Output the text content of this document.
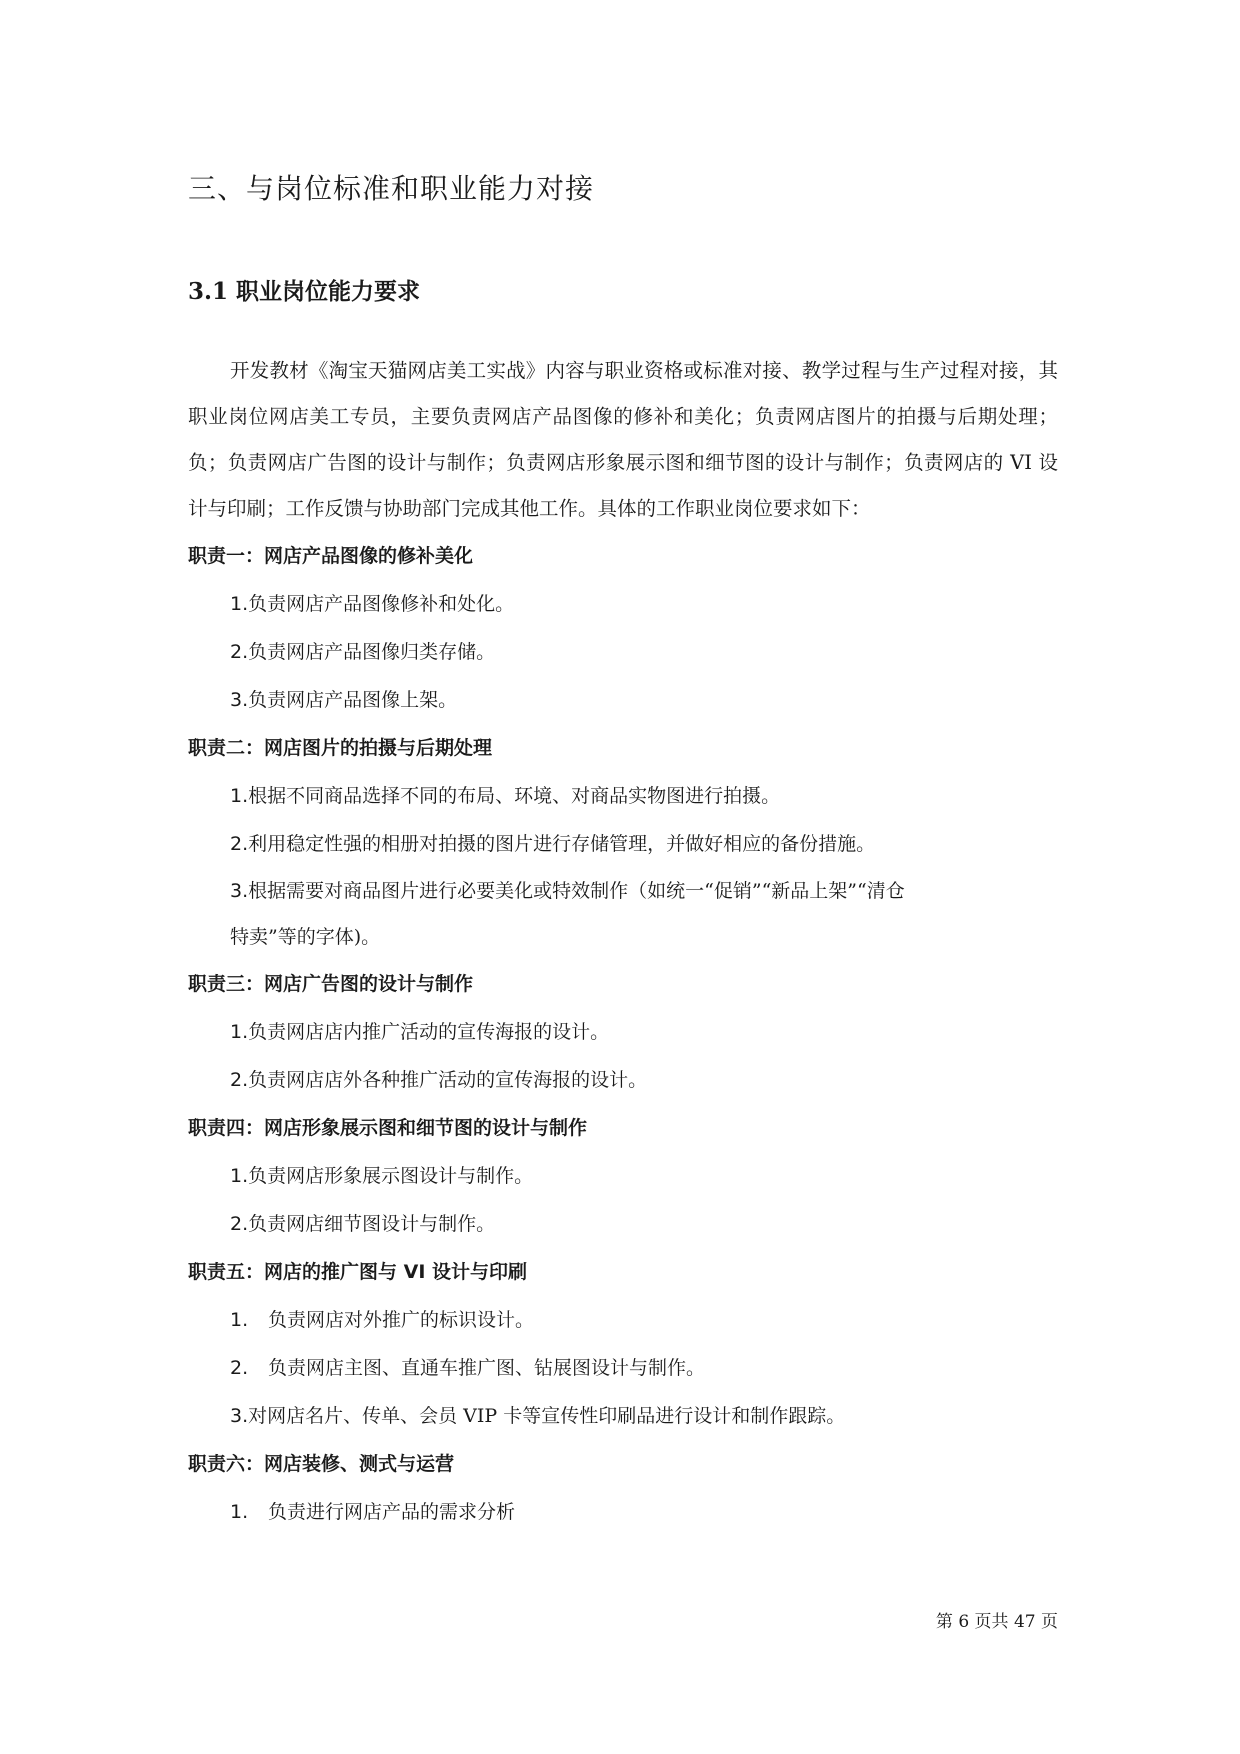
三、与岗位标准和职业能力对接
3.1 职业岗位能力要求

开发教材《淘宝天猫网店美工实战》内容与职业资格或标准对接、教学过程与生产过程对接，其职业岗位网店美工专员，主要负责网店产品图像的修补和美化；负责网店图片的拍摄与后期处理；负；负责网店广告图的设计与制作；负责网店形象展示图和细节图的设计与制作；负责网店的 VI 设计与印刷；工作反馈与协助部门完成其他工作。具体的工作职业岗位要求如下：

职责一：网店产品图像的修补美化

1.负责网店产品图像修补和处化。

2.负责网店产品图像归类存储。

3.负责网店产品图像上架。

职责二：网店图片的拍摄与后期处理

1.根据不同商品选择不同的布局、环境、对商品实物图进行拍摄。

2.利用稳定性强的相册对拍摄的图片进行存储管理，并做好相应的备份措施。

3.根据需要对商品图片进行必要美化或特效制作（如统一“促销”“新品上架”“清仓特卖”等的字体)。

职责三：网店广告图的设计与制作

1.负责网店店内推广活动的宣传海报的设计。

2.负责网店店外各种推广活动的宣传海报的设计。

职责四：网店形象展示图和细节图的设计与制作

1.负责网店形象展示图设计与制作。

2.负责网店细节图设计与制作。

职责五：网店的推广图与 VI 设计与印刷

1. 负责网店对外推广的标识设计。

2. 负责网店主图、直通车推广图、钻展图设计与制作。

3.对网店名片、传单、会员 VIP 卡等宣传性印刷品进行设计和制作跟踪。

职责六：网店装修、测式与运营

1. 负责进行网店产品的需求分析

第 6 页共 47 页
